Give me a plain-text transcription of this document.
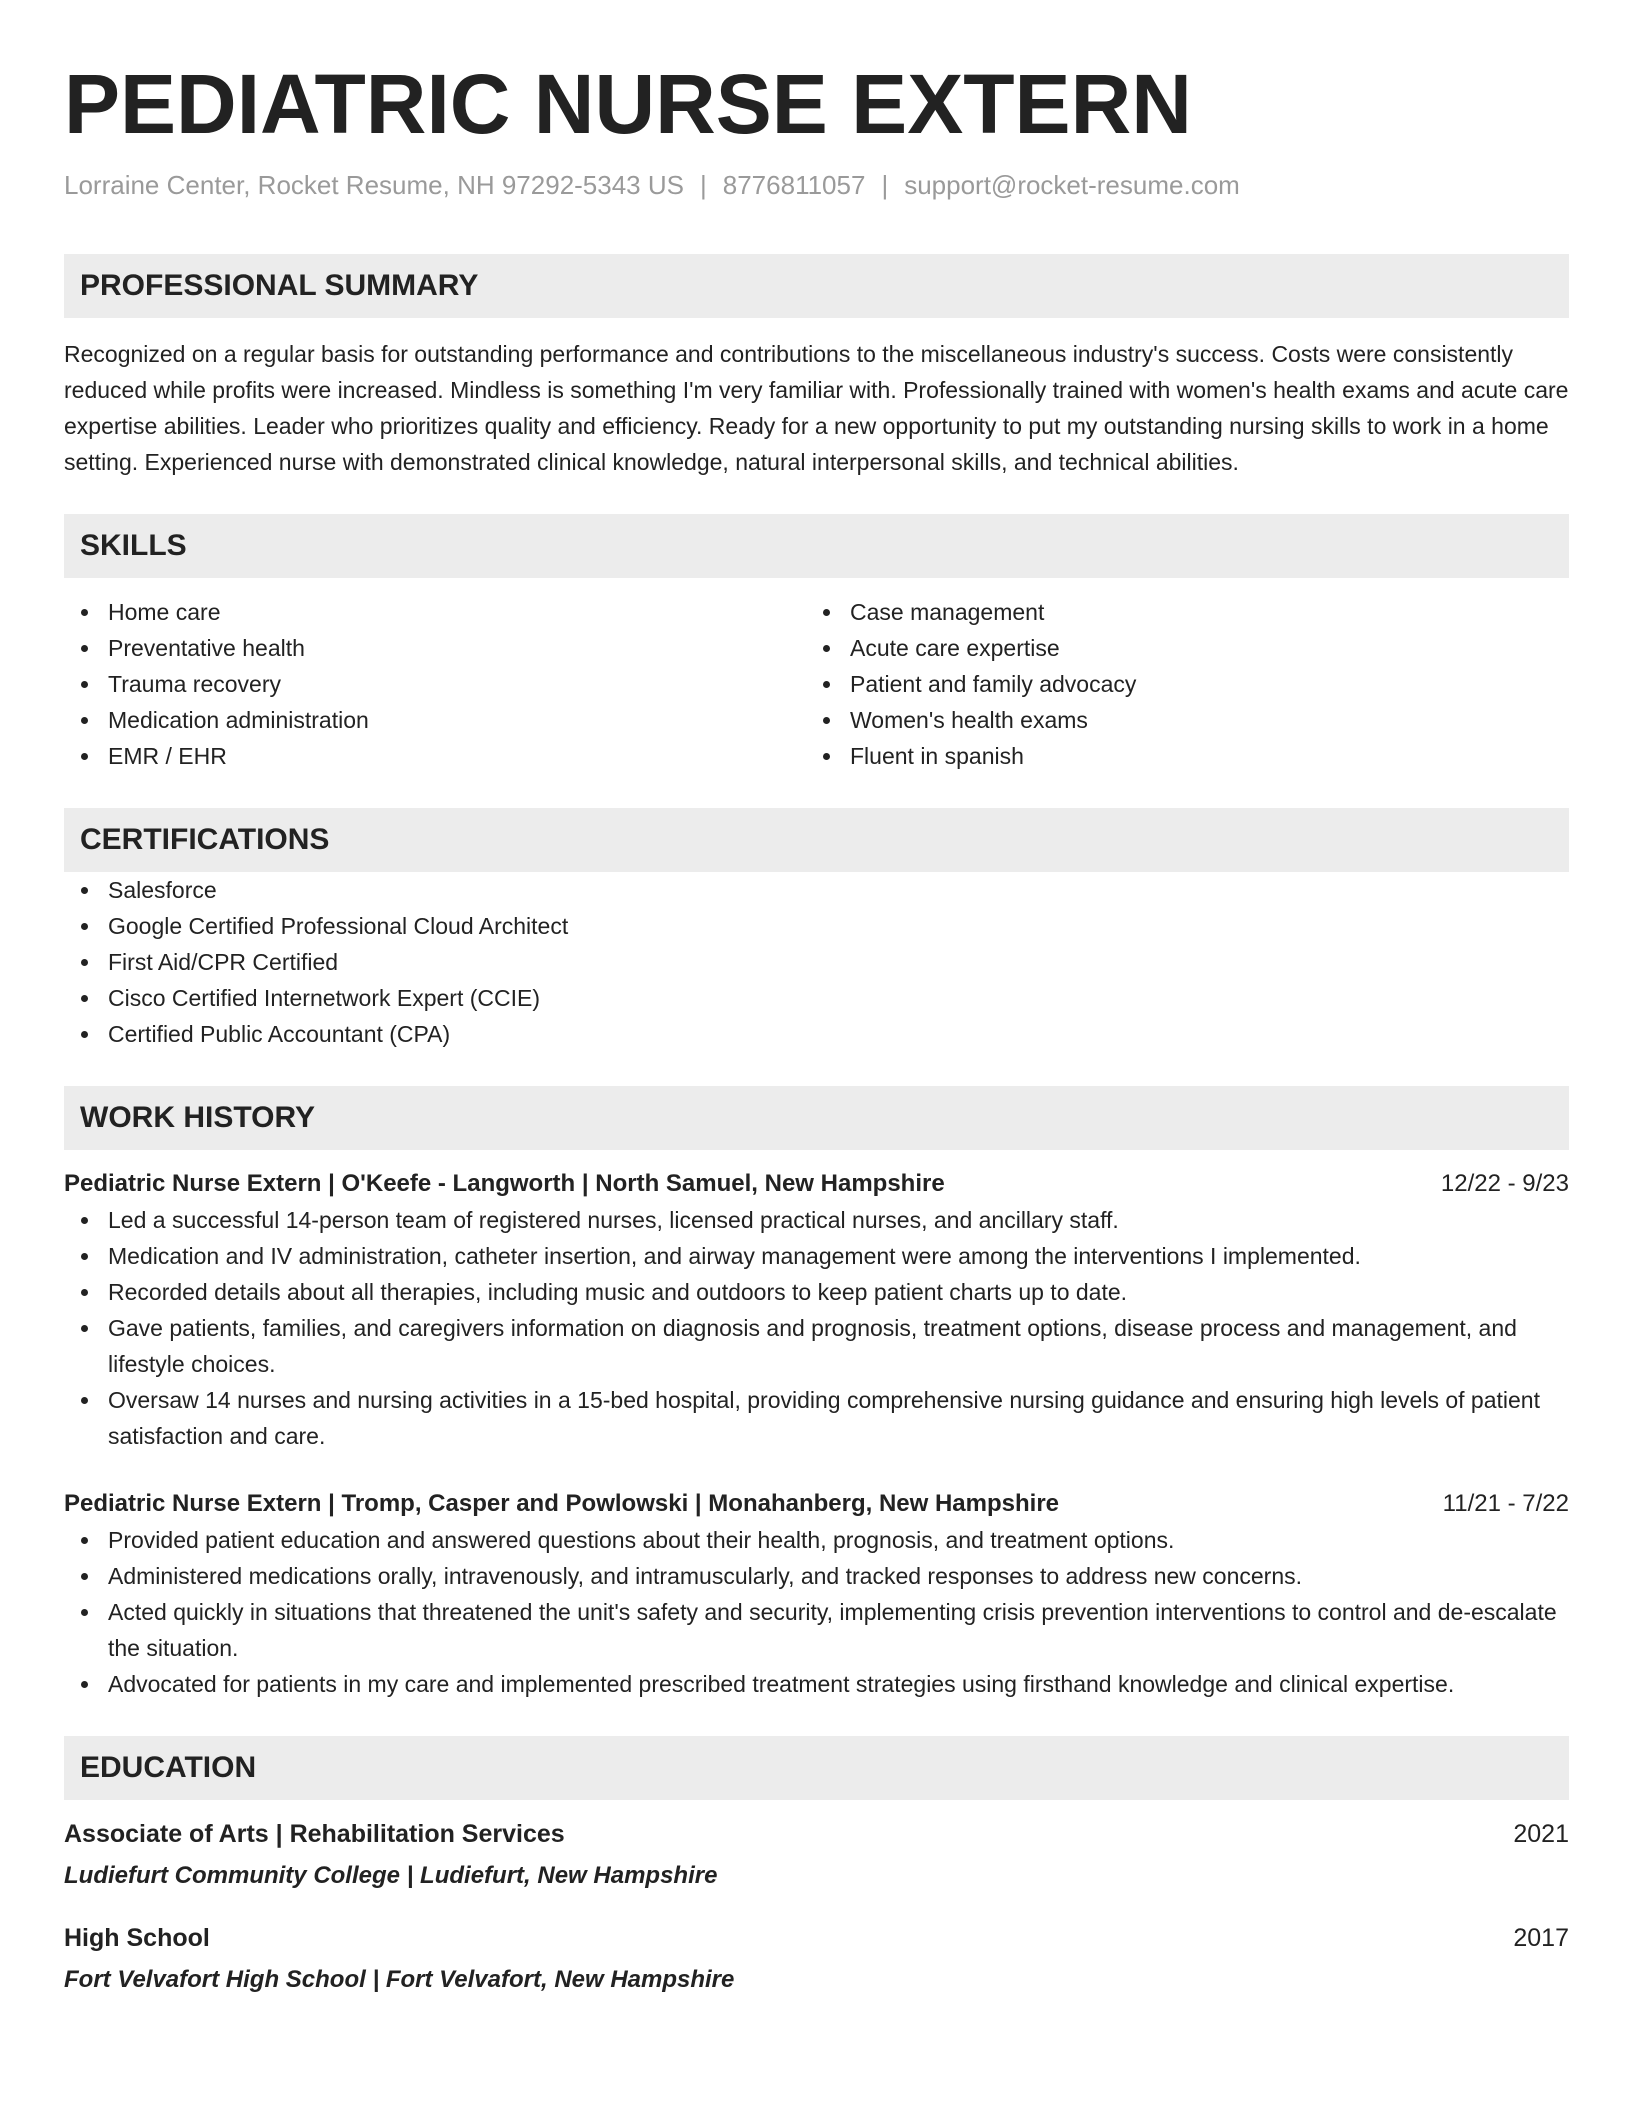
PEDIATRIC NURSE EXTERN
Lorraine Center, Rocket Resume, NH 97292-5343 US | 8776811057 | support@rocket-resume.com
PROFESSIONAL SUMMARY

Recognized on a regular basis for outstanding performance and contributions to the miscellaneous industry's success. Costs were consistently reduced while profits were increased. Mindless is something I'm very familiar with. Professionally trained with women's health exams and acute care expertise abilities. Leader who prioritizes quality and efficiency. Ready for a new opportunity to put my outstanding nursing skills to work in a home setting. Experienced nurse with demonstrated clinical knowledge, natural interpersonal skills, and technical abilities.

SKILLS
Home care
Preventative health
Trauma recovery
Medication administration
EMR / EHR
Case management
Acute care expertise
Patient and family advocacy
Women's health exams
Fluent in spanish
CERTIFICATIONS
Salesforce
Google Certified Professional Cloud Architect
First Aid/CPR Certified
Cisco Certified Internetwork Expert (CCIE)
Certified Public Accountant (CPA)
WORK HISTORY
Pediatric Nurse Extern | O'Keefe - Langworth | North Samuel, New Hampshire	12/22 - 9/23
Led a successful 14-person team of registered nurses, licensed practical nurses, and ancillary staff.
Medication and IV administration, catheter insertion, and airway management were among the interventions I implemented.
Recorded details about all therapies, including music and outdoors to keep patient charts up to date.
Gave patients, families, and caregivers information on diagnosis and prognosis, treatment options, disease process and management, and lifestyle choices.
Oversaw 14 nurses and nursing activities in a 15-bed hospital, providing comprehensive nursing guidance and ensuring high levels of patient satisfaction and care.
Pediatric Nurse Extern | Tromp, Casper and Powlowski | Monahanberg, New Hampshire	11/21 - 7/22
Provided patient education and answered questions about their health, prognosis, and treatment options.
Administered medications orally, intravenously, and intramuscularly, and tracked responses to address new concerns.
Acted quickly in situations that threatened the unit's safety and security, implementing crisis prevention interventions to control and de-escalate the situation.
Advocated for patients in my care and implemented prescribed treatment strategies using firsthand knowledge and clinical expertise.
EDUCATION
Associate of Arts | Rehabilitation Services	2021
Ludiefurt Community College | Ludiefurt, New Hampshire
High School	2017
Fort Velvafort High School | Fort Velvafort, New Hampshire
